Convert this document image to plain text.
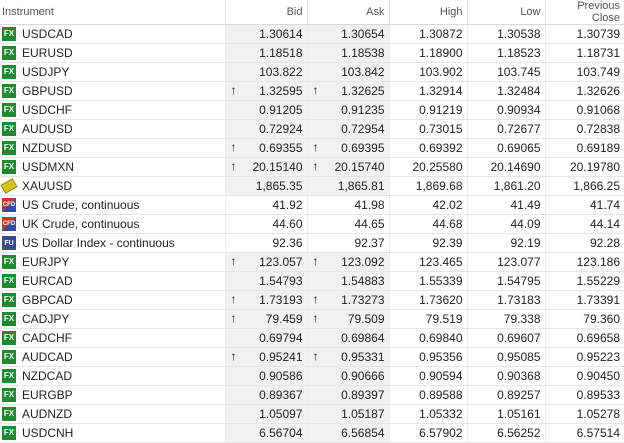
Instrument	Bid	Ask	High	Low	Previous Close

FX USDCAD	1.30614	1.30654	1.30872	1.30538	1.30739

FX EURUSD	1.18518	1.18538	1.18900	1.18523	1.18731

FX USDJPY	103.822	103.842	103.902	103.745	103.749

FX GBPUSD	↑ 1.32595	↑ 1.32625	1.32914	1.32484	1.32626

FX USDCHF	0.91205	0.91235	0.91219	0.90934	0.91068

FX AUDUSD	0.72924	0.72954	0.73015	0.72677	0.72838

FX NZDUSD	↑ 0.69355	↑ 0.69395	0.69392	0.69065	0.69189

FX USDMXN	↑ 20.15140	↑ 20.15740	20.25580	20.14690	20.19780

XAUUSD	1,865.35	1,865.81	1,869.68	1,861.20	1,866.25

CFD US Crude, continuous	41.92	41.98	42.02	41.49	41.74

CFD UK Crude, continuous	44.60	44.65	44.68	44.09	44.14

FU US Dollar Index - continuous	92.36	92.37	92.39	92.19	92.28

FX EURJPY	↑ 123.057	↑ 123.092	123.465	123.077	123.186

FX EURCAD	1.54793	1.54883	1.55339	1.54795	1.55229

FX GBPCAD	↑ 1.73193	↑ 1.73273	1.73620	1.73183	1.73391

FX CADJPY	↑ 79.459	↑ 79.509	79.519	79.338	79.360

FX CADCHF	0.69794	0.69864	0.69840	0.69607	0.69658

FX AUDCAD	↑ 0.95241	↑ 0.95331	0.95356	0.95085	0.95223

FX NZDCAD	0.90586	0.90666	0.90594	0.90368	0.90450

FX EURGBP	0.89367	0.89397	0.89588	0.89257	0.89533

FX AUDNZD	1.05097	1.05187	1.05332	1.05161	1.05278

FX USDCNH	6.56704	6.56854	6.57902	6.56252	6.57514
